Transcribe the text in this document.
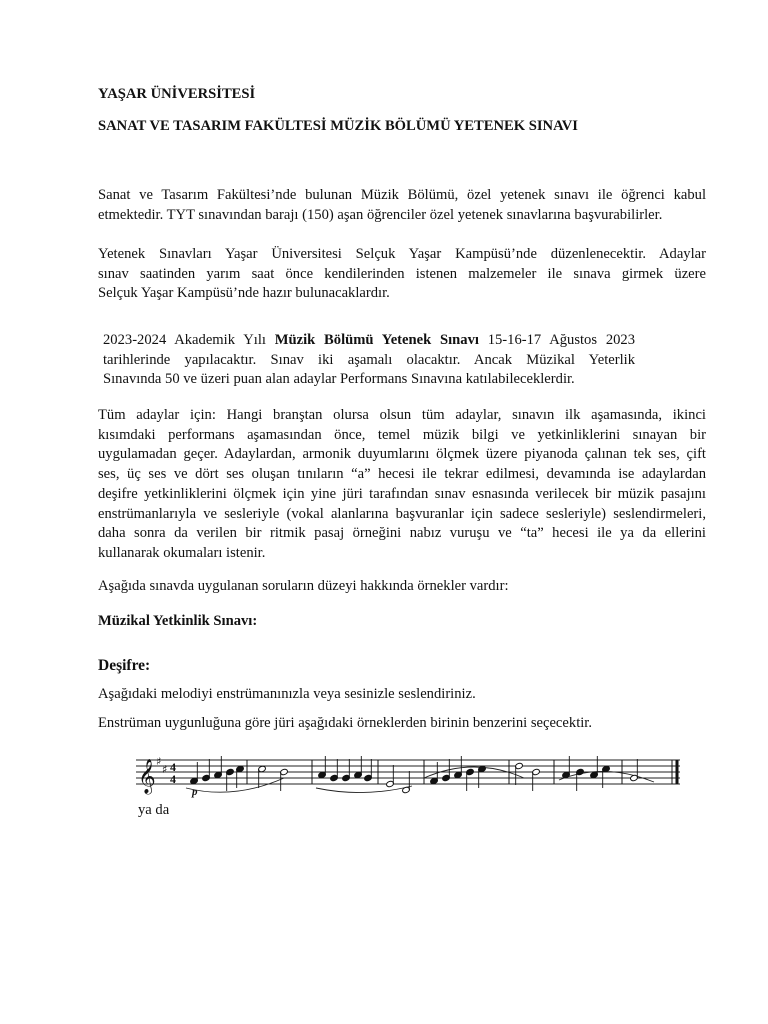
YAŞAR ÜNİVERSİTESİ
SANAT VE TASARIM FAKÜLTESİ MÜZİK BÖLÜMÜ YETENEK SINAVI
Sanat ve Tasarım Fakültesi’nde bulunan Müzik Bölümü, özel yetenek sınavı ile öğrenci kabul
etmektedir. TYT sınavından barajı (150) aşan öğrenciler özel yetenek sınavlarına başvurabilirler.
Yetenek Sınavları Yaşar Üniversitesi Selçuk Yaşar Kampüsü’nde düzenlenecektir. Adaylar
sınav saatinden yarım saat önce kendilerinden istenen malzemeler ile sınava girmek üzere
Selçuk Yaşar Kampüsü’nde hazır bulunacaklardır.
2023-2024 Akademik Yılı Müzik Bölümü Yetenek Sınavı 15-16-17 Ağustos 2023
tarihlerinde yapılacaktır. Sınav iki aşamalı olacaktır. Ancak Müzikal Yeterlik
Sınavında 50 ve üzeri puan alan adaylar Performans Sınavına katılabileceklerdir.
Tüm adaylar için: Hangi branştan olursa olsun tüm adaylar, sınavın ilk aşamasında, ikinci
kısımdaki performans aşamasından önce, temel müzik bilgi ve yetkinliklerini sınayan bir
uygulamadan geçer. Adaylardan, armonik duyumlarını ölçmek üzere piyanoda çalınan tek ses, çift
ses, üç ses ve dört ses oluşan tınıların “a” hecesi ile tekrar edilmesi, devamında ise adaylardan
deşifre yetkinliklerini ölçmek için yine jüri tarafından sınav esnasında verilecek bir müzik pasajını
enstrümanlarıyla ve sesleriyle (vokal alanlarına başvuranlar için sadece sesleriyle) seslendirmeleri,
daha sonra da verilen bir ritmik pasaj örneğini nabız vuruşu ve “ta” hecesi ile ya da ellerini
kullanarak okumaları istenir.
Aşağıda sınavda uygulanan soruların düzeyi hakkında örnekler vardır:
Müzikal Yetkinlik Sınavı:
Deşifre:
Aşağıdaki melodiyi enstrümanınızla veya sesinizle seslendiriniz.
Enstrüman uygunluğuna göre jüri aşağıdaki örneklerden birinin benzerini seçecektir.
𝄞 ♯
♯ 4
4
p
ya da
